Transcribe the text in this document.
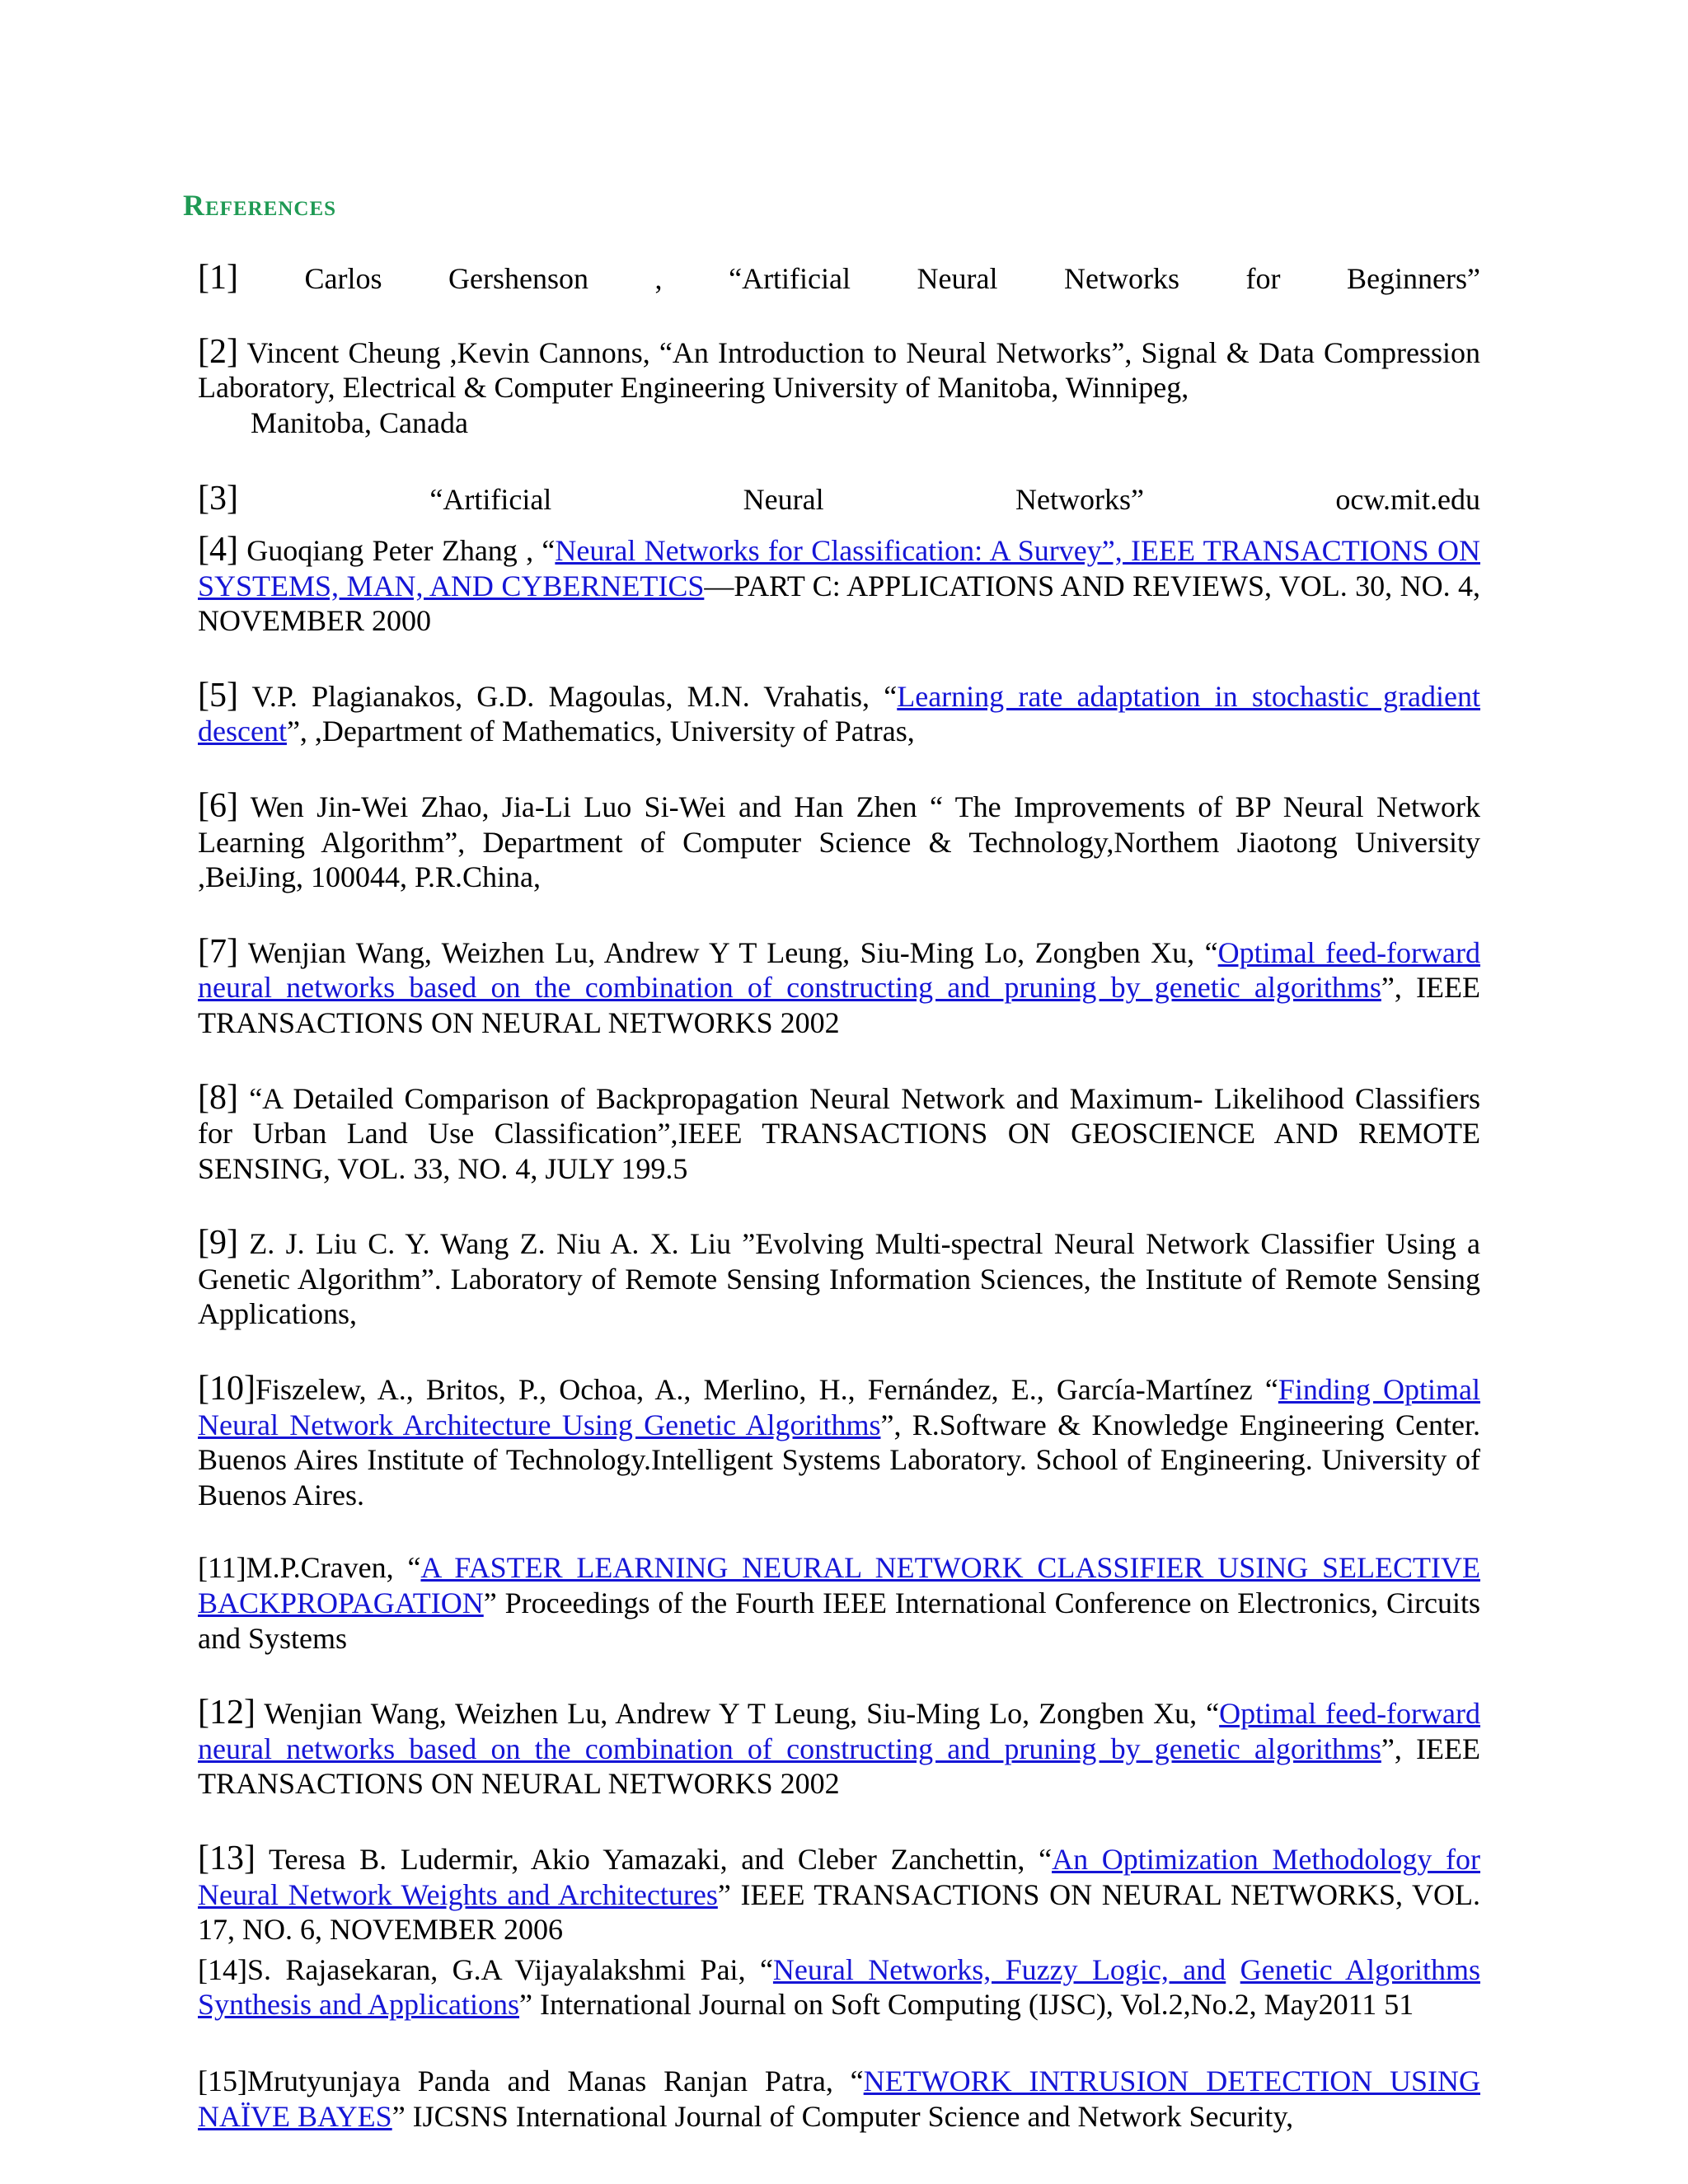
References

[1] Carlos Gershenson , “Artificial Neural Networks for Beginners”

[2] Vincent Cheung ,Kevin Cannons, “An Introduction to Neural Networks”, Signal & Data Compression Laboratory, Electrical & Computer Engineering University of Manitoba, Winnipeg,
Manitoba, Canada

[3] “Artificial Neural Networks” ocw.mit.edu

[4] Guoqiang Peter Zhang , “Neural Networks for Classification: A Survey”, IEEE TRANSACTIONS ON SYSTEMS, MAN, AND CYBERNETICS—PART C: APPLICATIONS AND REVIEWS, VOL. 30, NO. 4, NOVEMBER 2000

[5] V.P. Plagianakos, G.D. Magoulas, M.N. Vrahatis, “Learning rate adaptation in stochastic gradient descent”, ,Department of Mathematics, University of Patras,

[6] Wen Jin-Wei Zhao, Jia-Li Luo Si-Wei and Han Zhen “ The Improvements of BP Neural Network Learning Algorithm”, Department of Computer Science & Technology,Northem Jiaotong University ,BeiJing, 100044, P.R.China,

[7] Wenjian Wang, Weizhen Lu, Andrew Y T Leung, Siu-Ming Lo, Zongben Xu, “Optimal feed-forward neural networks based on the combination of constructing and pruning by genetic algorithms”, IEEE TRANSACTIONS ON NEURAL NETWORKS 2002

[8] “A Detailed Comparison of Backpropagation Neural Network and Maximum- Likelihood Classifiers for Urban Land Use Classification”,IEEE TRANSACTIONS ON GEOSCIENCE AND REMOTE SENSING, VOL. 33, NO. 4, JULY 199.5

[9] Z. J. Liu C. Y. Wang Z. Niu A. X. Liu ”Evolving Multi-spectral Neural Network Classifier Using a Genetic Algorithm”. Laboratory of Remote Sensing Information Sciences, the Institute of Remote Sensing Applications,

[10]Fiszelew, A., Britos, P., Ochoa, A., Merlino, H., Fernández, E., García-Martínez “Finding Optimal Neural Network Architecture Using Genetic Algorithms”, R.Software & Knowledge Engineering Center. Buenos Aires Institute of Technology.Intelligent Systems Laboratory. School of Engineering. University of Buenos Aires.

[11]M.P.Craven, “A FASTER LEARNING NEURAL NETWORK CLASSIFIER USING SELECTIVE BACKPROPAGATION” Proceedings of the Fourth IEEE International Conference on Electronics, Circuits and Systems

[12] Wenjian Wang, Weizhen Lu, Andrew Y T Leung, Siu-Ming Lo, Zongben Xu, “Optimal feed-forward neural networks based on the combination of constructing and pruning by genetic algorithms”, IEEE TRANSACTIONS ON NEURAL NETWORKS 2002

[13] Teresa B. Ludermir, Akio Yamazaki, and Cleber Zanchettin, “An Optimization Methodology for Neural Network Weights and Architectures” IEEE TRANSACTIONS ON NEURAL NETWORKS, VOL. 17, NO. 6, NOVEMBER 2006

[14]S. Rajasekaran, G.A Vijayalakshmi Pai, “Neural Networks, Fuzzy Logic, and Genetic Algorithms Synthesis and Applications” International Journal on Soft Computing (IJSC), Vol.2,No.2, May2011 51

[15]Mrutyunjaya Panda and Manas Ranjan Patra, “NETWORK INTRUSION DETECTION USING NAÏVE BAYES” IJCSNS International Journal of Computer Science and Network Security,
